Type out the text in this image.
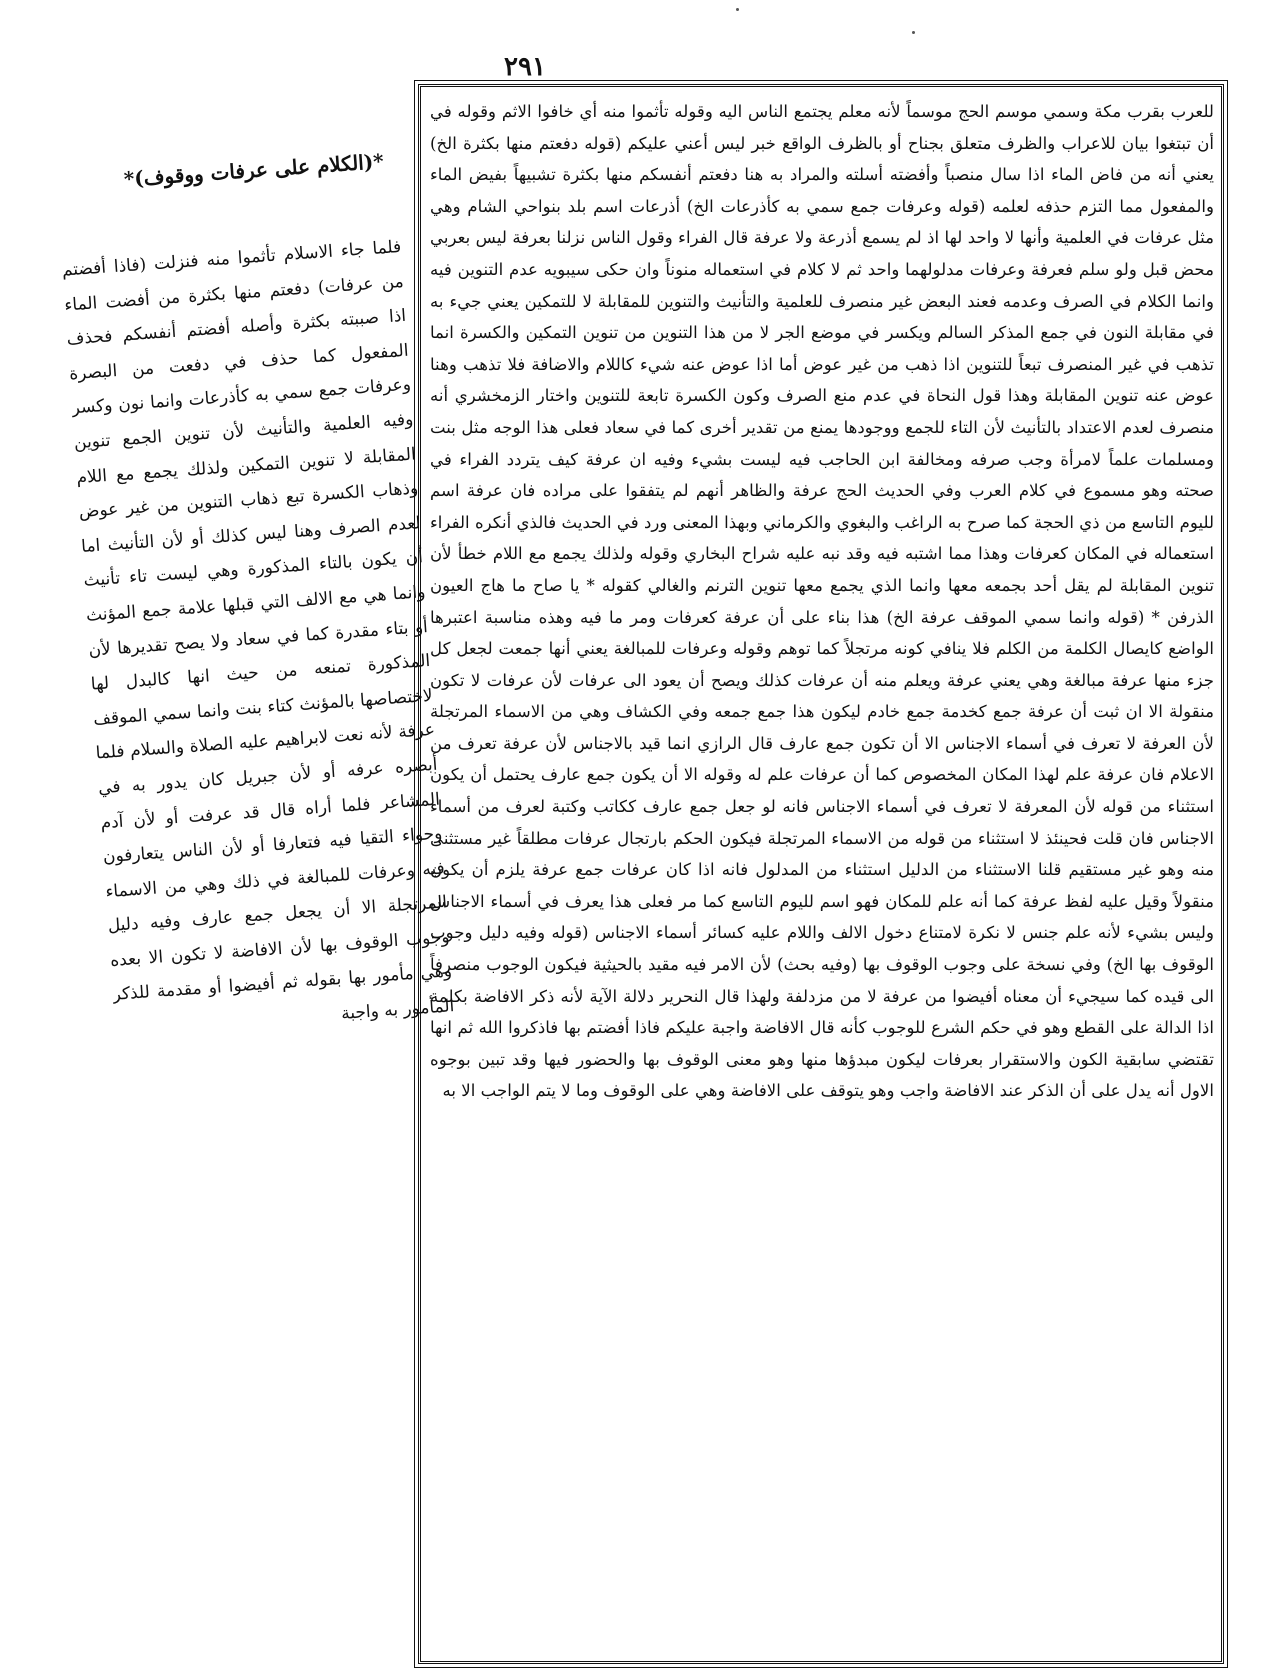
٢٩١
للعرب بقرب مكة وسمي موسم الحج موسماً لأنه معلم يجتمع الناس اليه وقوله تأثموا منه أي خافوا الاثم وقوله في أن تبتغوا بيان للاعراب والظرف متعلق بجناح أو بالظرف الواقع خبر ليس أعني عليكم (قوله دفعتم منها بكثرة الخ) يعني أنه من فاض الماء اذا سال منصباً وأفضته أسلته والمراد به هنا دفعتم أنفسكم منها بكثرة تشبيهاً بفيض الماء والمفعول مما التزم حذفه لعلمه (قوله وعرفات جمع سمي به كأذرعات الخ) أذرعات اسم بلد بنواحي الشام وهي مثل عرفات في العلمية وأنها لا واحد لها اذ لم يسمع أذرعة ولا عرفة قال الفراء وقول الناس نزلنا بعرفة ليس بعربي محض قبل ولو سلم فعرفة وعرفات مدلولهما واحد ثم لا كلام في استعماله منوناً وان حكى سيبويه عدم التنوين فيه وانما الكلام في الصرف وعدمه فعند البعض غير منصرف للعلمية والتأنيث والتنوين للمقابلة لا للتمكين يعني جيء به في مقابلة النون في جمع المذكر السالم ويكسر في موضع الجر لا من هذا التنوين من تنوين التمكين والكسرة انما تذهب في غير المنصرف تبعاً للتنوين اذا ذهب من غير عوض أما اذا عوض عنه شيء كاللام والاضافة فلا تذهب وهنا عوض عنه تنوين المقابلة وهذا قول النحاة في عدم منع الصرف وكون الكسرة تابعة للتنوين واختار الزمخشري أنه منصرف لعدم الاعتداد بالتأنيث لأن التاء للجمع ووجودها يمنع من تقدير أخرى كما في سعاد فعلى هذا الوجه مثل بنت ومسلمات علماً لامرأة وجب صرفه ومخالفة ابن الحاجب فيه ليست بشيء وفيه ان عرفة كيف يتردد الفراء في صحته وهو مسموع في كلام العرب وفي الحديث الحج عرفة والظاهر أنهم لم يتفقوا على مراده فان عرفة اسم لليوم التاسع من ذي الحجة كما صرح به الراغب والبغوي والكرماني وبهذا المعنى ورد في الحديث فالذي أنكره الفراء استعماله في المكان كعرفات وهذا مما اشتبه فيه وقد نبه عليه شراح البخاري وقوله ولذلك يجمع مع اللام خطأ لأن تنوين المقابلة لم يقل أحد بجمعه معها وانما الذي يجمع معها تنوين الترنم والغالي كقوله * يا صاح ما هاج العيون الذرفن * (قوله وانما سمي الموقف عرفة الخ) هذا بناء على أن عرفة كعرفات ومر ما فيه وهذه مناسبة اعتبرها الواضع كايصال الكلمة من الكلم فلا ينافي كونه مرتجلاً كما توهم وقوله وعرفات للمبالغة يعني أنها جمعت لجعل كل جزء منها عرفة مبالغة وهي يعني عرفة ويعلم منه أن عرفات كذلك ويصح أن يعود الى عرفات لأن عرفات لا تكون منقولة الا ان ثبت أن عرفة جمع كخدمة جمع خادم ليكون هذا جمع جمعه وفي الكشاف وهي من الاسماء المرتجلة لأن العرفة لا تعرف في أسماء الاجناس الا أن تكون جمع عارف قال الرازي انما قيد بالاجناس لأن عرفة تعرف من الاعلام فان عرفة علم لهذا المكان المخصوص كما أن عرفات علم له وقوله الا أن يكون جمع عارف يحتمل أن يكون استثناء من قوله لأن المعرفة لا تعرف في أسماء الاجناس فانه لو جعل جمع عارف ككاتب وكتبة لعرف من أسماء الاجناس فان قلت فحينئذ لا استثناء من قوله من الاسماء المرتجلة فيكون الحكم بارتجال عرفات مطلقاً غير مستثنى منه وهو غير مستقيم قلنا الاستثناء من الدليل استثناء من المدلول فانه اذا كان عرفات جمع عرفة يلزم أن يكون منقولاً وقيل عليه لفظ عرفة كما أنه علم للمكان فهو اسم لليوم التاسع كما مر فعلى هذا يعرف في أسماء الاجناس وليس بشيء لأنه علم جنس لا نكرة لامتناع دخول الالف واللام عليه كسائر أسماء الاجناس (قوله وفيه دليل وجوب الوقوف بها الخ) وفي نسخة على وجوب الوقوف بها (وفيه بحث) لأن الامر فيه مقيد بالحيثية فيكون الوجوب منصرفاً الى قيده كما سيجيء أن معناه أفيضوا من عرفة لا من مزدلفة ولهذا قال النحرير دلالة الآية لأنه ذكر الافاضة بكلمة اذا الدالة على القطع وهو في حكم الشرع للوجوب كأنه قال الافاضة واجبة عليكم فاذا أفضتم بها فاذكروا الله ثم انها تقتضي سابقية الكون والاستقرار بعرفات ليكون مبدؤها منها وهو معنى الوقوف بها والحضور فيها وقد تبين بوجوه الاول أنه يدل على أن الذكر عند الافاضة واجب وهو يتوقف على الافاضة وهي على الوقوف وما لا يتم الواجب الا به
*(الكلام على عرفات ووقوف)*
فلما جاء الاسلام تأثموا منه فنزلت (فاذا أفضتم من عرفات) دفعتم منها بكثرة من أفضت الماء اذا صببته بكثرة وأصله أفضتم أنفسكم فحذف المفعول كما حذف في دفعت من البصرة وعرفات جمع سمي به كأذرعات وانما نون وكسر وفيه العلمية والتأنيث لأن تنوين الجمع تنوين المقابلة لا تنوين التمكين ولذلك يجمع مع اللام وذهاب الكسرة تبع ذهاب التنوين من غير عوض لعدم الصرف وهنا ليس كذلك أو لأن التأنيث اما أن يكون بالتاء المذكورة وهي ليست تاء تأنيث وانما هي مع الالف التي قبلها علامة جمع المؤنث أو بتاء مقدرة كما في سعاد ولا يصح تقديرها لأن المذكورة تمنعه من حيث انها كالبدل لها لاختصاصها بالمؤنث كتاء بنت وانما سمي الموقف عرفة لأنه نعت لابراهيم عليه الصلاة والسلام فلما أبصره عرفه أو لأن جبريل كان يدور به في المشاعر فلما أراه قال قد عرفت أو لأن آدم وحواء التقيا فيه فتعارفا أو لأن الناس يتعارفون فيه وعرفات للمبالغة في ذلك وهي من الاسماء المرتجلة الا أن يجعل جمع عارف وفيه دليل وجوب الوقوف بها لأن الافاضة لا تكون الا بعده وهي مأمور بها بقوله ثم أفيضوا أو مقدمة للذكر المأمور به واجبة
